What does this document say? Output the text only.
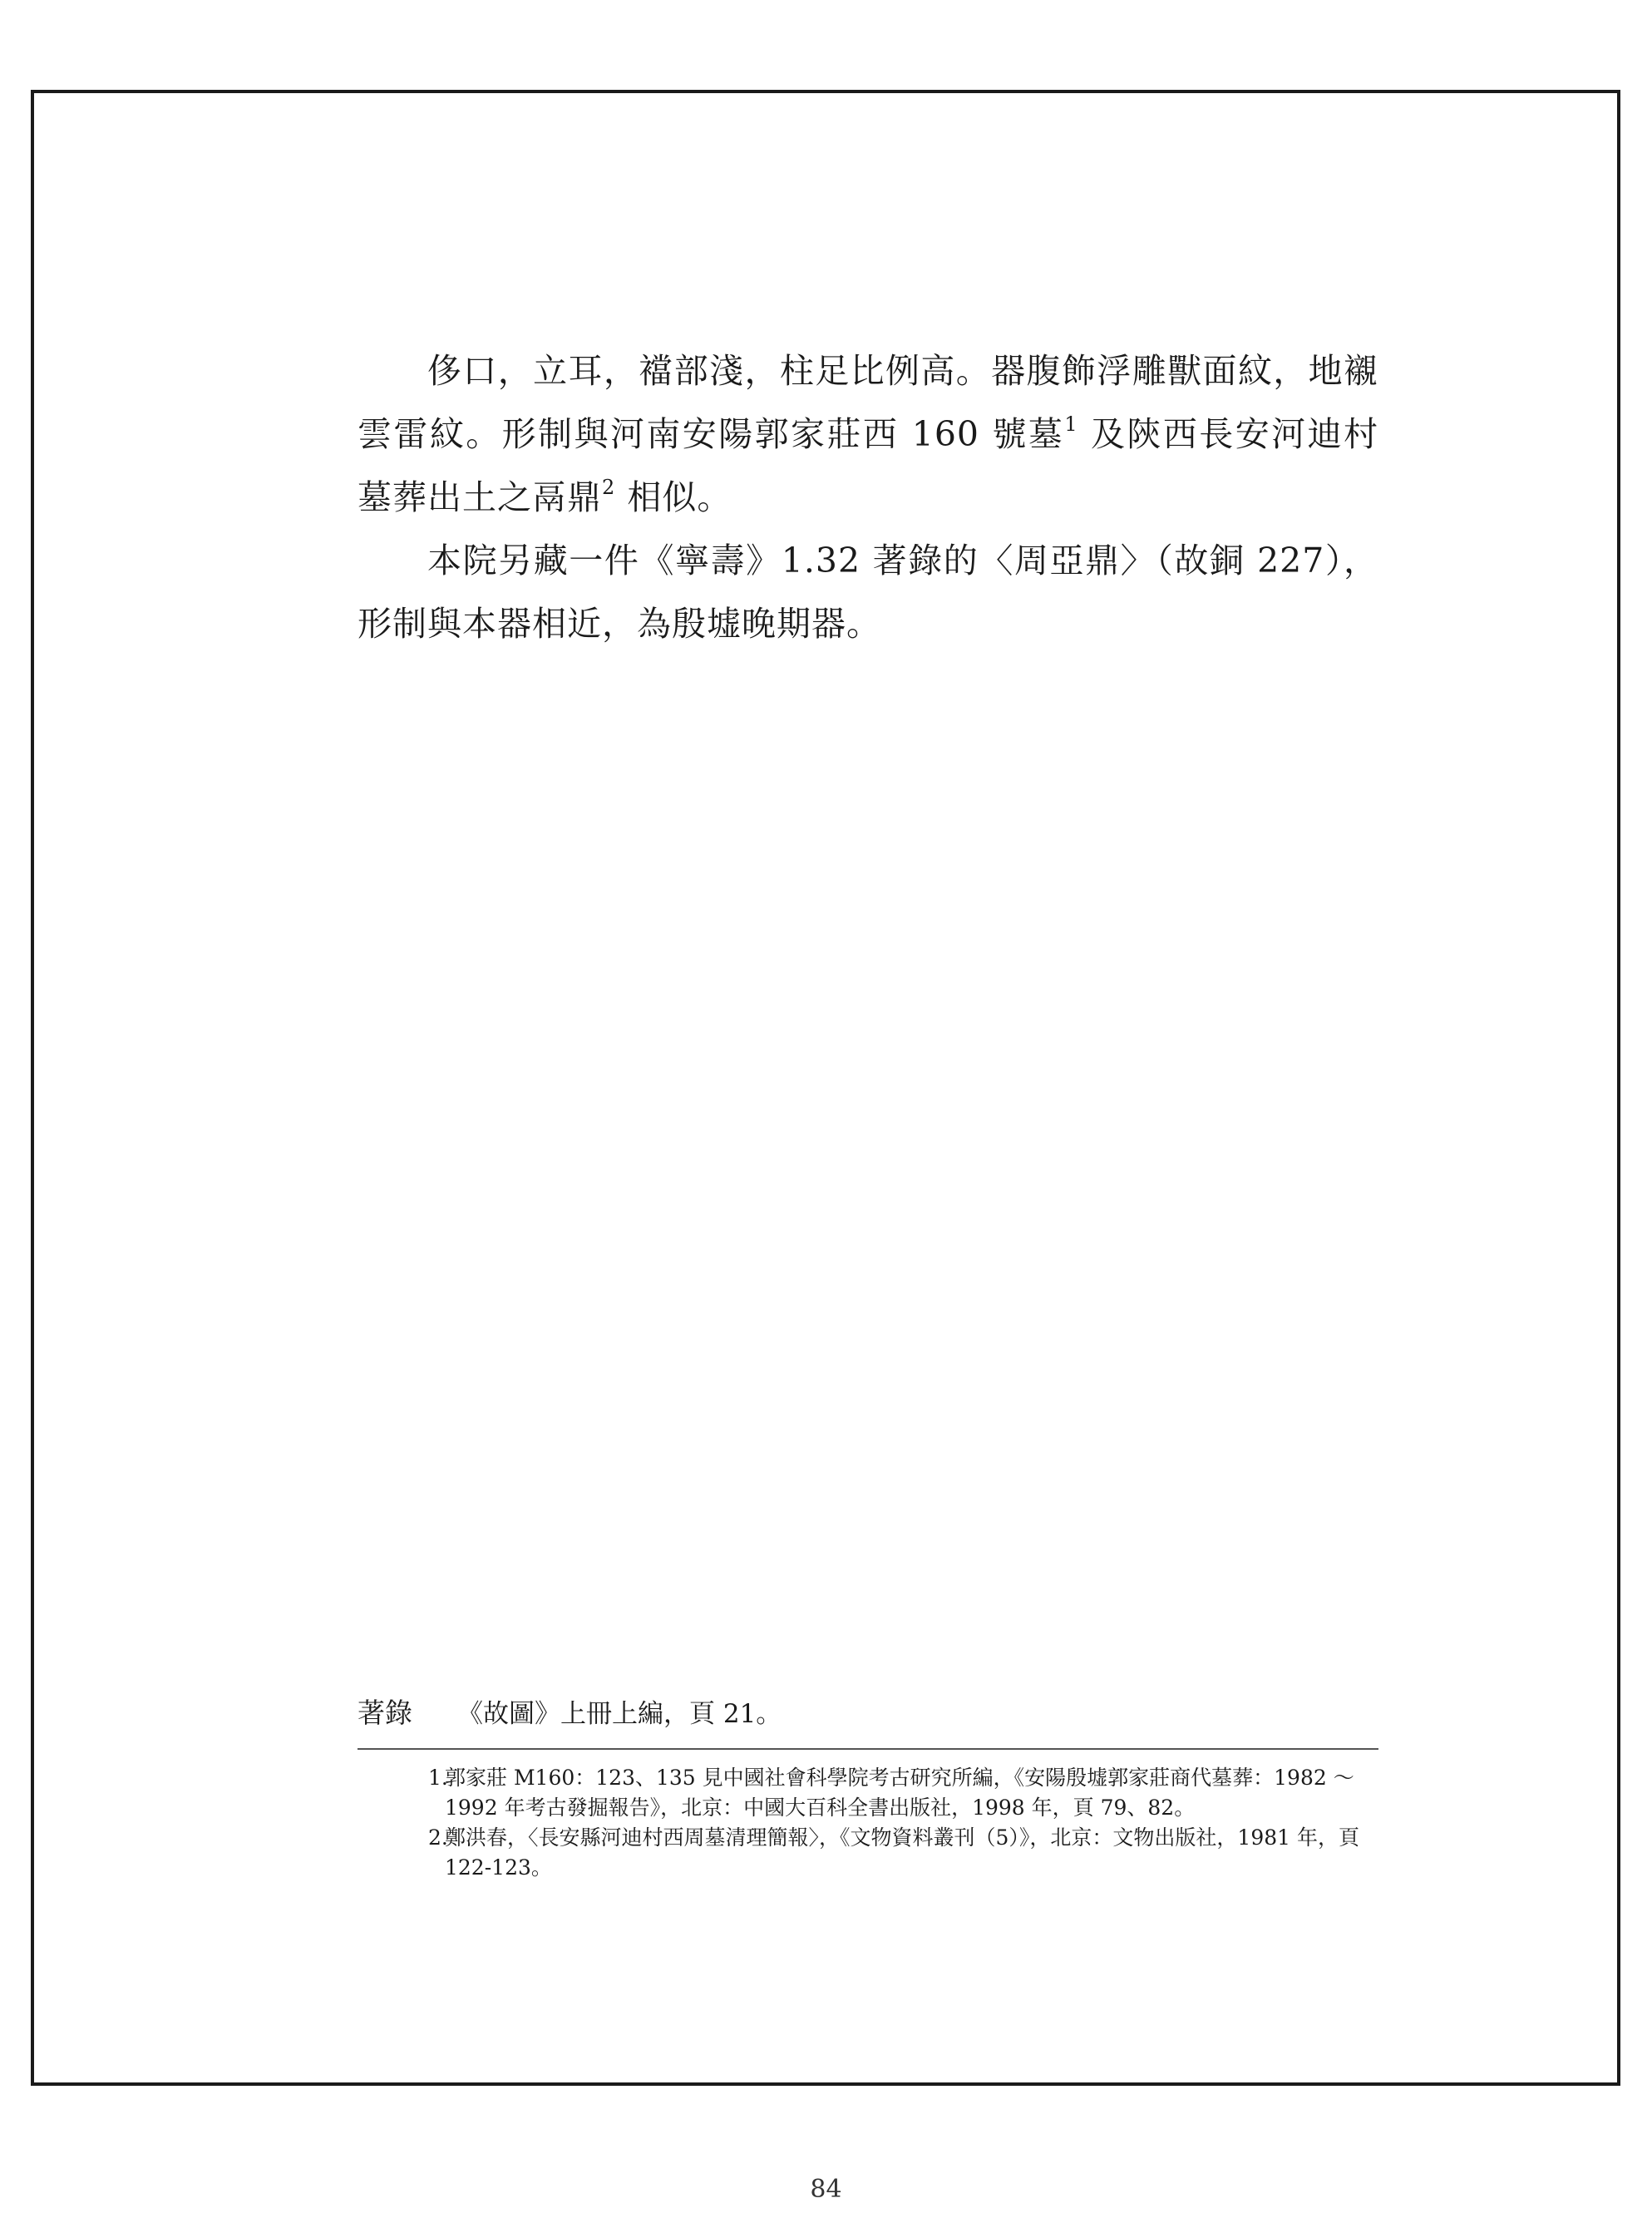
侈口，立耳，襠部淺，柱足比例高。器腹飾浮雕獸面紋，地襯雲雷紋。形制與河南安陽郭家莊西 160 號墓$^1$ 及陝西長安河迪村墓葬出土之鬲鼎$^2$ 相似。

本院另藏一件《寧壽》1.32 著錄的〈周亞鼎〉（故銅 227），形制與本器相近，為殷墟晚期器。

著錄 《故圖》上冊上編，頁 21。

1.郭家莊 M160：123、135 見中國社會科學院考古研究所編，《安陽殷墟郭家莊商代墓葬：1982 ～ 1992 年考古發掘報告》，北京：中國大百科全書出版社，1998 年，頁 79、82。

2.鄭洪春，〈長安縣河迪村西周墓清理簡報〉，《文物資料叢刊（5）》，北京：文物出版社，1981 年，頁 122-123。

84
